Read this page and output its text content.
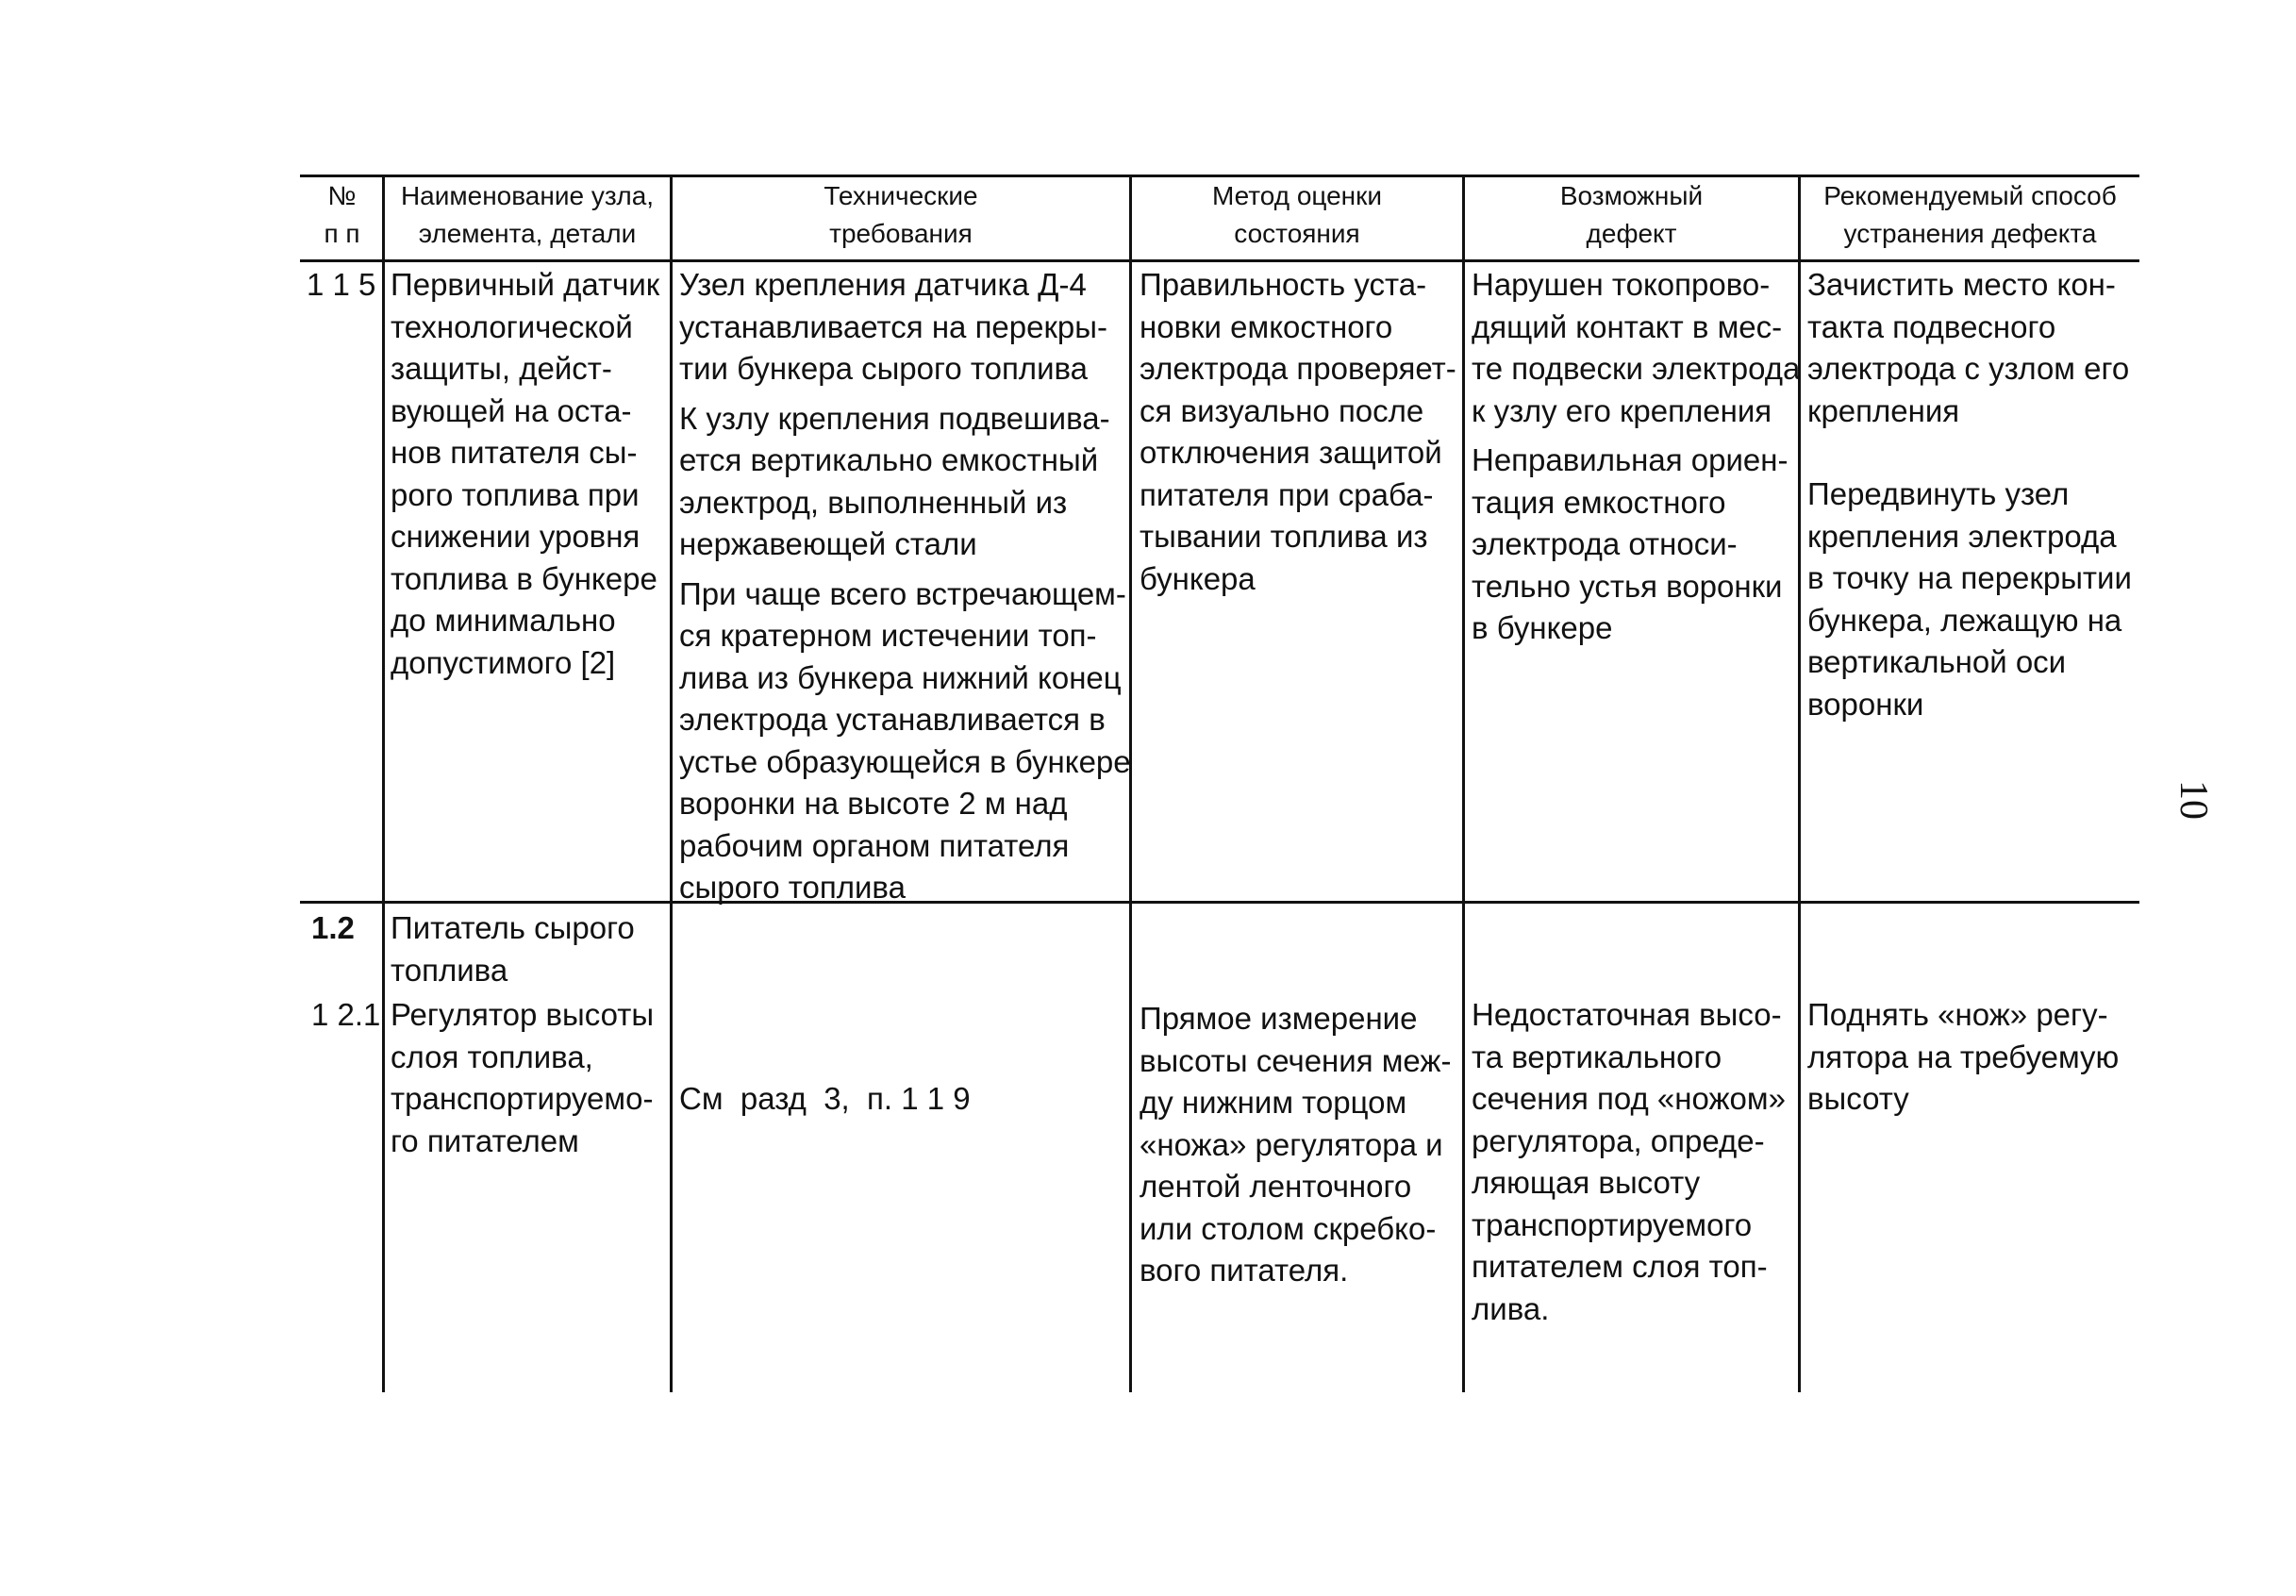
№
п п
Наименование узла,
элемента, детали
Технические
требования
Метод оценки
состояния
Возможный
дефект
Рекомендуемый способ
устранения дефекта
1 1 5 Первичный датчик
технологической
защиты, дейст-
вующей на оста-
нов питателя сы-
рого топлива при
снижении уровня
топлива в бункере
до минимально
допустимого [2]
Узел крепления датчика Д-4
устанавливается на перекры-
тии бункера сырого топлива
К узлу крепления подвешива-
ется вертикально емкостный
электрод, выполненный из
нержавеющей стали
При чаще всего встречающем-
ся кратерном истечении топ-
лива из бункера нижний конец
электрода устанавливается в
устье образующейся в бункере
воронки на высоте 2 м над
рабочим органом питателя
сырого топлива
Правильность уста-
новки емкостного
электрода проверяет-
ся визуально после
отключения защитой
питателя при сраба-
тывании топлива из
бункера
Нарушен токопрово-
дящий контакт в мес-
те подвески электрода
к узлу его крепления
Неправильная ориен-
тация емкостного
электрода относи-
тельно устья воронки
в бункере
Зачистить место кон-
такта подвесного
электрода с узлом его
крепления
Передвинуть узел
крепления электрода
в точку на перекрытии
бункера, лежащую на
вертикальной оси
воронки
1.2 Питатель сырого
топлива
1 2.1 Регулятор высоты
слоя топлива,
транспортируемо-
го питателем

См  разд  3,  п. 1 1 9

Прямое измерение
высоты сечения меж-
ду нижним торцом
«ножа» регулятора и
лентой ленточного
или столом скребко-
вого питателя.
Недостаточная высо-
та вертикального
сечения под «ножом»
регулятора, опреде-
ляющая высоту
транспортируемого
питателем слоя топ-
лива.
Поднять «нож» регу-
лятора на требуемую
высоту
10
